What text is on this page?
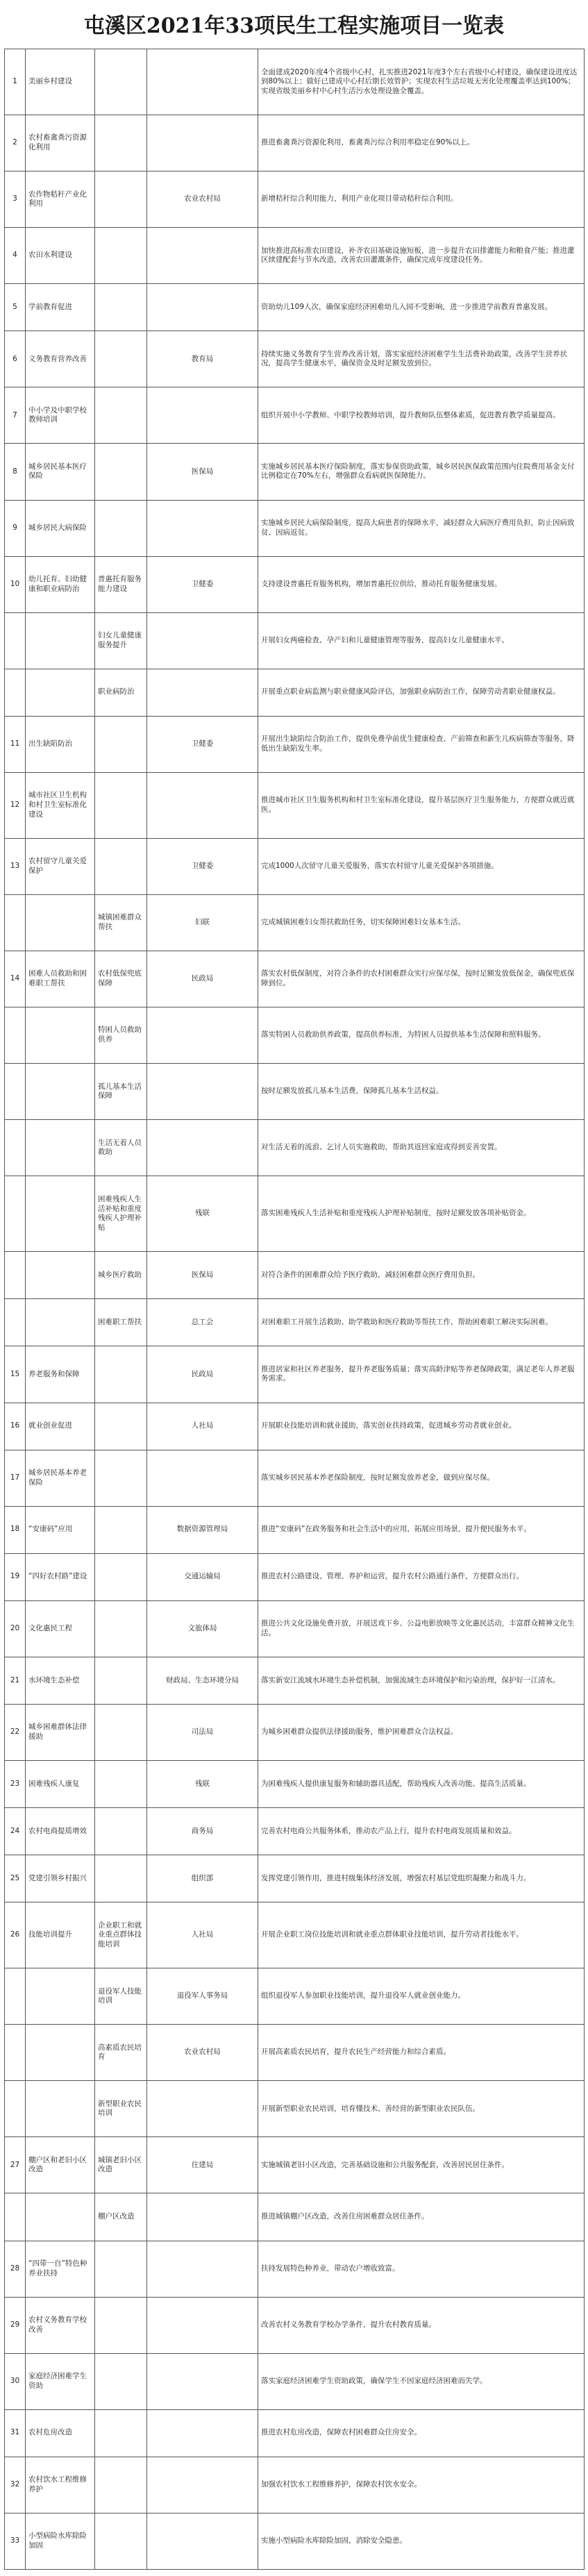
屯溪区2021年33项民生工程实施项目一览表
1	美丽乡村建设			全面建成2020年度4个省级中心村，扎实推进2021年度3个左右省级中心村建设，确保建设进度达到80%以上；做好已建成中心村后期长效管护；实现农村生活垃圾无害化处理覆盖率达到100%；实现省级美丽乡村中心村生活污水处理设施全覆盖。
2	农村畜禽粪污资源化利用			推进畜禽粪污资源化利用，畜禽粪污综合利用率稳定在90%以上。
3	农作物秸秆产业化利用		农业农村局	新增秸秆综合利用能力，利用产业化项目带动秸秆综合利用。
4	农田水利建设			加快推进高标准农田建设，补齐农田基础设施短板，进一步提升农田排灌能力和粮食产能；推进灌区续建配套与节水改造，改善农田灌溉条件，确保完成年度建设任务。
5	学前教育促进			资助幼儿109人次，确保家庭经济困难幼儿入园不受影响，进一步推进学前教育普惠发展。
6	义务教育营养改善		教育局	持续实施义务教育学生营养改善计划，落实家庭经济困难学生生活费补助政策，改善学生营养状况，提高学生健康水平，确保资金及时足额发放到位。
7	中小学及中职学校教师培训			组织开展中小学教师、中职学校教师培训，提升教师队伍整体素质，促进教育教学质量提高。
8	城乡居民基本医疗保险		医保局	实施城乡居民基本医疗保险制度，落实参保资助政策，城乡居民医保政策范围内住院费用基金支付比例稳定在70%左右，增强群众看病就医保障能力。
9	城乡居民大病保险			实施城乡居民大病保险制度，提高大病患者的保障水平，减轻群众大病医疗费用负担，防止因病致贫、因病返贫。
10	幼儿托育、妇幼健康和职业病防治	普惠托育服务能力建设	卫健委	支持建设普惠托育服务机构，增加普惠托位供给，推动托育服务健康发展。
		妇女儿童健康服务提升		开展妇女两癌检查、孕产妇和儿童健康管理等服务，提高妇女儿童健康水平。
		职业病防治		开展重点职业病监测与职业健康风险评估，加强职业病防治工作，保障劳动者职业健康权益。
11	出生缺陷防治		卫健委	开展出生缺陷综合防治工作，提供免费孕前优生健康检查、产前筛查和新生儿疾病筛查等服务，降低出生缺陷发生率。
12	城市社区卫生机构和村卫生室标准化建设			推进城市社区卫生服务机构和村卫生室标准化建设，提升基层医疗卫生服务能力，方便群众就近就医。
13	农村留守儿童关爱保护		卫健委	完成1000人次留守儿童关爱服务，落实农村留守儿童关爱保护各项措施。
		城镇困难群众帮扶	妇联	完成城镇困难妇女帮扶救助任务，切实保障困难妇女基本生活。
14	困难人员救助和困难职工帮扶	农村低保兜底保障	民政局	落实农村低保制度，对符合条件的农村困难群众实行应保尽保，按时足额发放低保金，确保兜底保障到位。
		特困人员救助供养		落实特困人员救助供养政策，提高供养标准，为特困人员提供基本生活保障和照料服务。
		孤儿基本生活保障		按时足额发放孤儿基本生活费，保障孤儿基本生活权益。
		生活无着人员救助		对生活无着的流浪、乞讨人员实施救助，帮助其返回家庭或得到妥善安置。
		困难残疾人生活补贴和重度残疾人护理补贴	残联	落实困难残疾人生活补贴和重度残疾人护理补贴制度，按时足额发放各项补贴资金。
		城乡医疗救助	医保局	对符合条件的困难群众给予医疗救助，减轻困难群众医疗费用负担。
		困难职工帮扶	总工会	对困难职工开展生活救助、助学救助和医疗救助等帮扶工作，帮助困难职工解决实际困难。
15	养老服务和保障		民政局	推进居家和社区养老服务，提升养老服务质量；落实高龄津贴等养老保障政策，满足老年人养老服务需求。
16	就业创业促进		人社局	开展职业技能培训和就业援助，落实创业扶持政策，促进城乡劳动者就业创业。
17	城乡居民基本养老保险			落实城乡居民基本养老保险制度，按时足额发放养老金，做到应保尽保。
18	“安康码”应用		数据资源管理局	推进“安康码”在政务服务和社会生活中的应用，拓展应用场景，提升便民服务水平。
19	“四好农村路”建设		交通运输局	推进农村公路建设、管理、养护和运营，提升农村公路通行条件，方便群众出行。
20	文化惠民工程		文旅体局	推进公共文化设施免费开放，开展送戏下乡、公益电影放映等文化惠民活动，丰富群众精神文化生活。
21	水环境生态补偿		财政局、生态环境分局	落实新安江流域水环境生态补偿机制，加强流域生态环境保护和污染治理，保护好一江清水。
22	城乡困难群体法律援助		司法局	为城乡困难群众提供法律援助服务，维护困难群众合法权益。
23	困难残疾人康复		残联	为困难残疾人提供康复服务和辅助器具适配，帮助残疾人改善功能、提高生活质量。
24	农村电商提质增效		商务局	完善农村电商公共服务体系，推动农产品上行，提升农村电商发展质量和效益。
25	党建引领乡村振兴		组织部	发挥党建引领作用，推进村级集体经济发展，增强农村基层党组织凝聚力和战斗力。
26	技能培训提升	企业职工和就业重点群体技能培训	人社局	开展企业职工岗位技能培训和就业重点群体职业技能培训，提升劳动者技能水平。
		退役军人技能培训	退役军人事务局	组织退役军人参加职业技能培训，提升退役军人就业创业能力。
		高素质农民培育	农业农村局	开展高素质农民培育，提升农民生产经营能力和综合素质。
		新型职业农民培训		开展新型职业农民培训，培育懂技术、善经营的新型职业农民队伍。
27	棚户区和老旧小区改造	城镇老旧小区改造	住建局	实施城镇老旧小区改造，完善基础设施和公共服务配套，改善居民居住条件。
		棚户区改造		推进城镇棚户区改造，改善住房困难群众居住条件。
28	“四带一自”特色种养业扶持			扶持发展特色种养业，带动农户增收致富。
29	农村义务教育学校改善			改善农村义务教育学校办学条件，提升农村教育质量。
30	家庭经济困难学生资助			落实家庭经济困难学生资助政策，确保学生不因家庭经济困难而失学。
31	农村危房改造			推进农村危房改造，保障农村困难群众住房安全。
32	农村饮水工程维修养护			加强农村饮水工程维修养护，保障农村饮水安全。
33	小型病险水库除险加固			实施小型病险水库除险加固，消除安全隐患。
